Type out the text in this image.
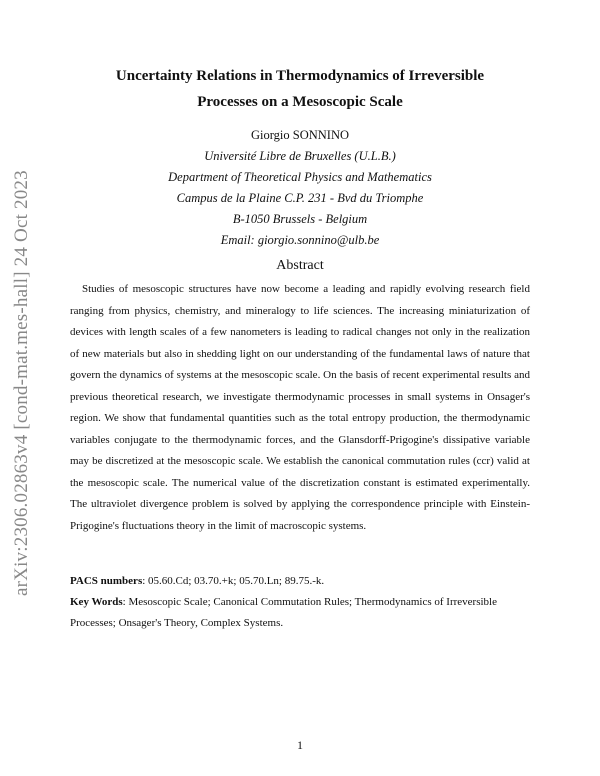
arXiv:2306.02863v4 [cond-mat.mes-hall] 24 Oct 2023
Uncertainty Relations in Thermodynamics of Irreversible
Processes on a Mesoscopic Scale
Giorgio SONNINO
Université Libre de Bruxelles (U.L.B.)
Department of Theoretical Physics and Mathematics
Campus de la Plaine C.P. 231 - Bvd du Triomphe
B-1050 Brussels - Belgium
Email: giorgio.sonnino@ulb.be
Abstract
Studies of mesoscopic structures have now become a leading and rapidly evolving research field ranging from physics, chemistry, and mineralogy to life sciences. The increasing miniaturization of devices with length scales of a few nanometers is leading to radical changes not only in the realization of new materials but also in shedding light on our understanding of the fundamental laws of nature that govern the dynamics of systems at the mesoscopic scale. On the basis of recent experimental results and previous theoretical research, we investigate thermodynamic processes in small systems in Onsager's region. We show that fundamental quantities such as the total entropy production, the thermodynamic variables conjugate to the thermodynamic forces, and the Glansdorff-Prigogine's dissipative variable may be discretized at the mesoscopic scale. We establish the canonical commutation rules (ccr) valid at the mesoscopic scale. The numerical value of the discretization constant is estimated experimentally. The ultraviolet divergence problem is solved by applying the correspondence principle with Einstein-Prigogine's fluctuations theory in the limit of macroscopic systems.
PACS numbers: 05.60.Cd; 03.70.+k; 05.70.Ln; 89.75.-k.
Key Words: Mesoscopic Scale; Canonical Commutation Rules; Thermodynamics of Irreversible Processes; Onsager's Theory, Complex Systems.
1
